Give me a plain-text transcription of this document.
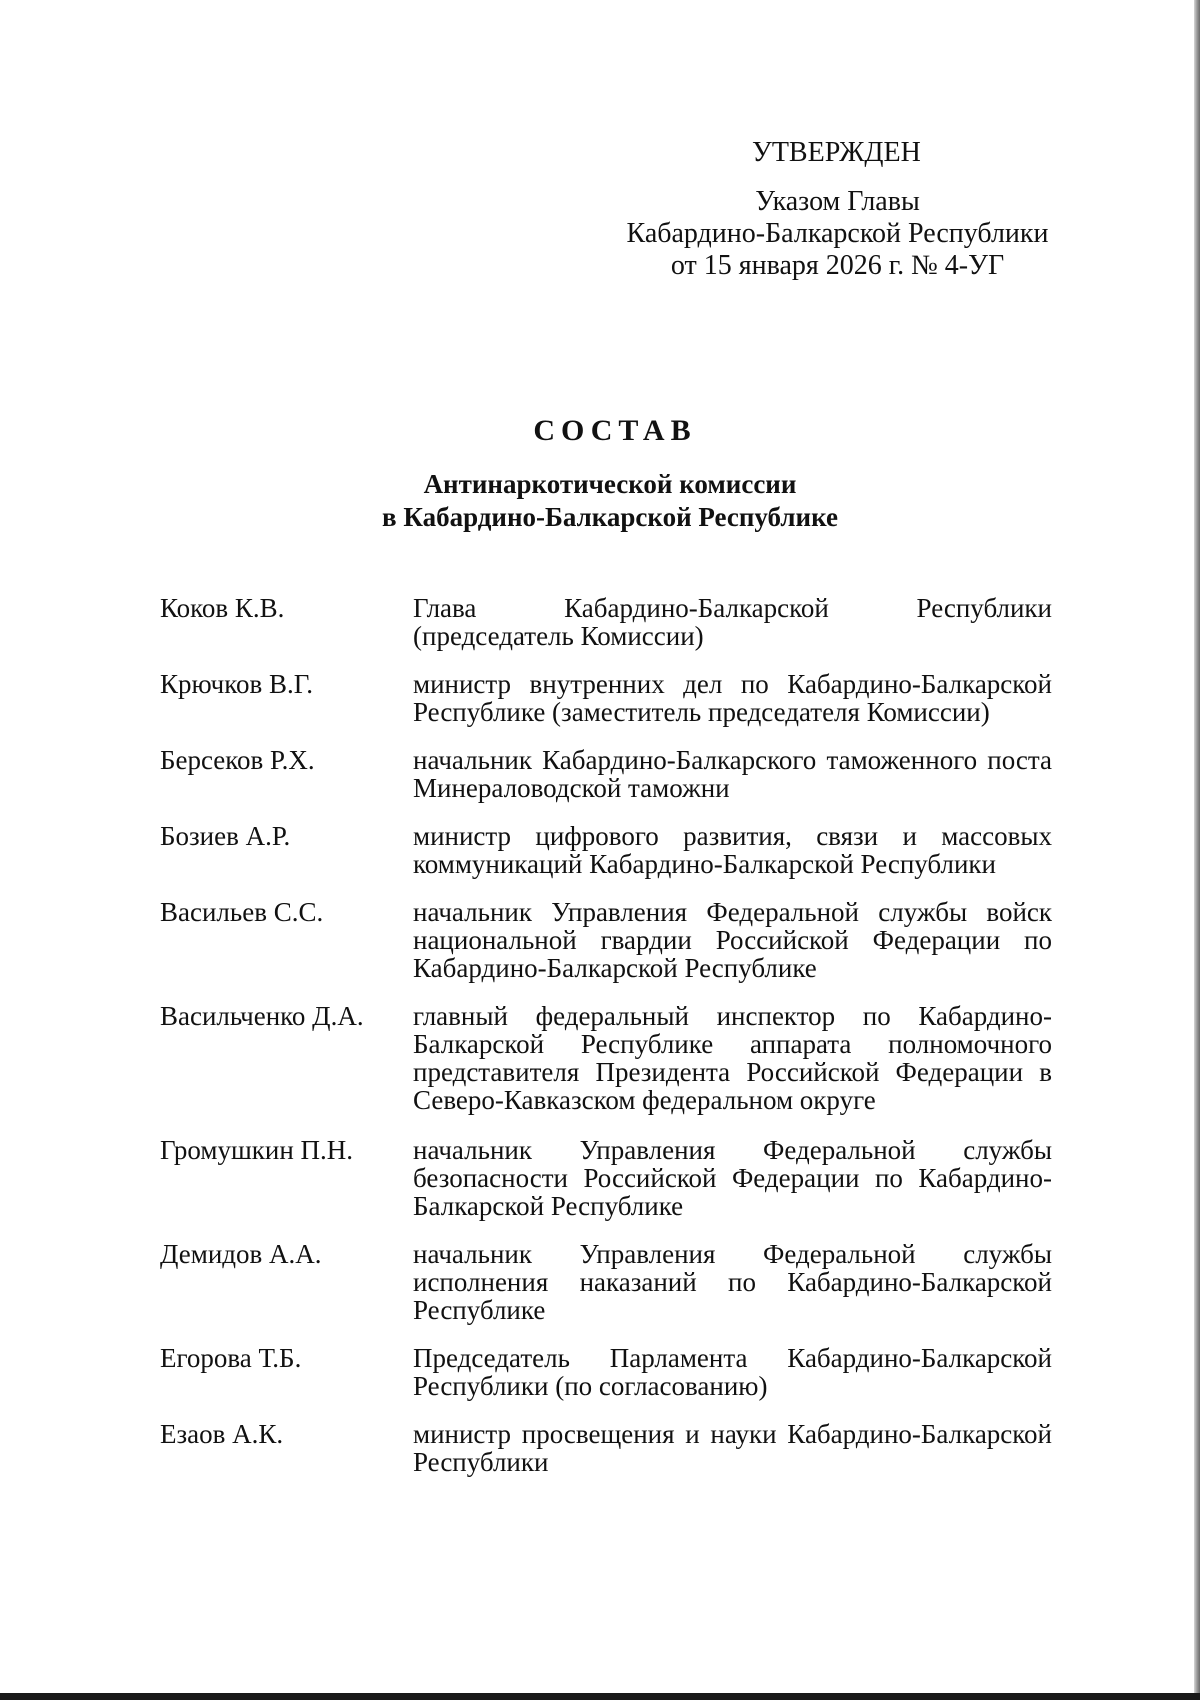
УТВЕРЖДЕН
Указом Главы
Кабардино-Балкарской Республики
от 15 января 2026 г. № 4-УГ
СОСТАВ
Антинаркотической комиссии
в Кабардино-Балкарской Республике
Коков К.В.	Глава Кабардино-Балкарской Республики (председатель Комиссии)
Крючков В.Г.	министр внутренних дел по Кабардино-Балкарской Республике (заместитель председателя Комиссии)
Берсеков Р.Х.	начальник Кабардино-Балкарского таможенного поста Минераловодской таможни
Бозиев А.Р.	министр цифрового развития, связи и массовых коммуникаций Кабардино-Балкарской Республики
Васильев С.С.	начальник Управления Федеральной службы войск национальной гвардии Российской Федерации по Кабардино-Балкарской Республике
Васильченко Д.А.	главный федеральный инспектор по Кабардино-Балкарской Республике аппарата полномочного представителя Президента Российской Федерации в Северо-Кавказском федеральном округе
Громушкин П.Н.	начальник Управления Федеральной службы безопасности Российской Федерации по Кабардино-Балкарской Республике
Демидов А.А.	начальник Управления Федеральной службы исполнения наказаний по Кабардино-Балкарской Республике
Егорова Т.Б.	Председатель Парламента Кабардино-Балкарской Республики (по согласованию)
Езаов А.К.	министр просвещения и науки Кабардино-Балкарской Республики
